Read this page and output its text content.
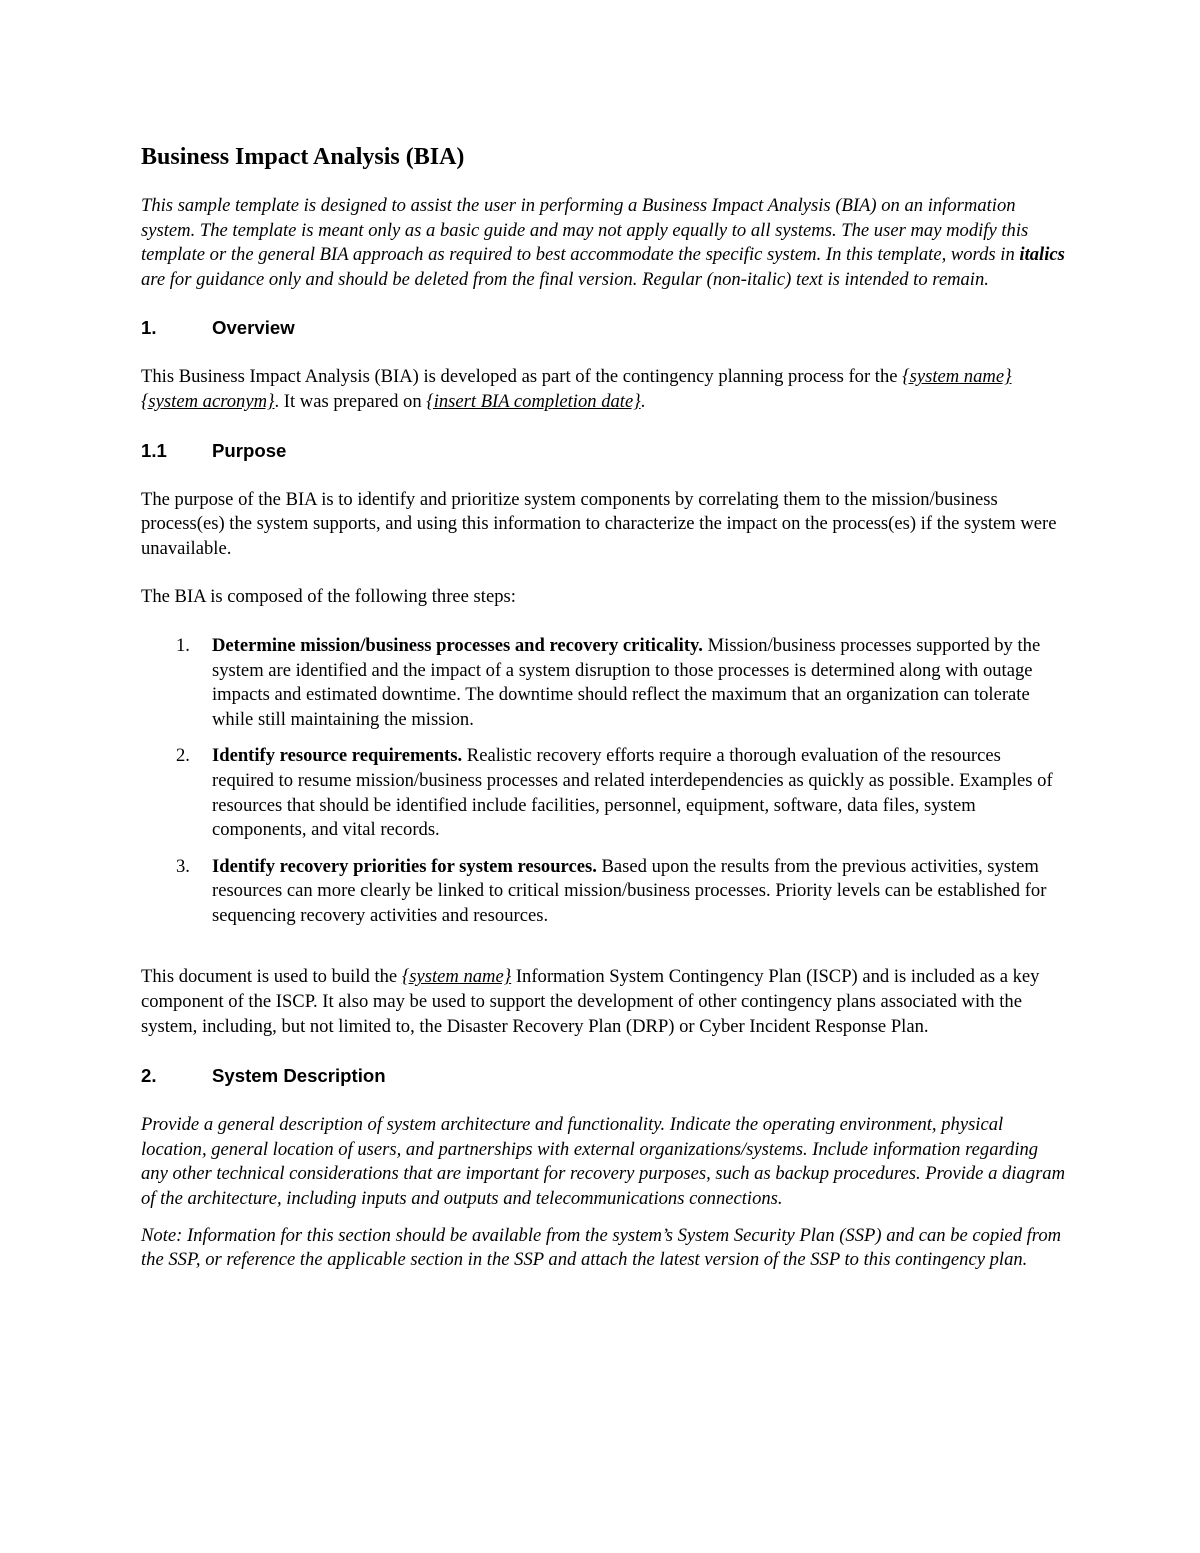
Business Impact Analysis (BIA)

This sample template is designed to assist the user in performing a Business Impact Analysis (BIA) on an information system. The template is meant only as a basic guide and may not apply equally to all systems. The user may modify this template or the general BIA approach as required to best accommodate the specific system. In this template, words in italics are for guidance only and should be deleted from the final version. Regular (non-italic) text is intended to remain.

1.	Overview

This Business Impact Analysis (BIA) is developed as part of the contingency planning process for the {system name}{system acronym}. It was prepared on {insert BIA completion date}.

1.1	Purpose

The purpose of the BIA is to identify and prioritize system components by correlating them to the mission/business process(es) the system supports, and using this information to characterize the impact on the process(es) if the system were unavailable.

The BIA is composed of the following three steps:

1. Determine mission/business processes and recovery criticality. Mission/business processes supported by the system are identified and the impact of a system disruption to those processes is determined along with outage impacts and estimated downtime. The downtime should reflect the maximum that an organization can tolerate while still maintaining the mission.
2. Identify resource requirements. Realistic recovery efforts require a thorough evaluation of the resources required to resume mission/business processes and related interdependencies as quickly as possible. Examples of resources that should be identified include facilities, personnel, equipment, software, data files, system components, and vital records.
3. Identify recovery priorities for system resources. Based upon the results from the previous activities, system resources can more clearly be linked to critical mission/business processes. Priority levels can be established for sequencing recovery activities and resources.

This document is used to build the {system name} Information System Contingency Plan (ISCP) and is included as a key component of the ISCP. It also may be used to support the development of other contingency plans associated with the system, including, but not limited to, the Disaster Recovery Plan (DRP) or Cyber Incident Response Plan.

2.	System Description

Provide a general description of system architecture and functionality. Indicate the operating environment, physical location, general location of users, and partnerships with external organizations/systems. Include information regarding any other technical considerations that are important for recovery purposes, such as backup procedures. Provide a diagram of the architecture, including inputs and outputs and telecommunications connections.

Note: Information for this section should be available from the system’s System Security Plan (SSP) and can be copied from the SSP, or reference the applicable section in the SSP and attach the latest version of the SSP to this contingency plan.
